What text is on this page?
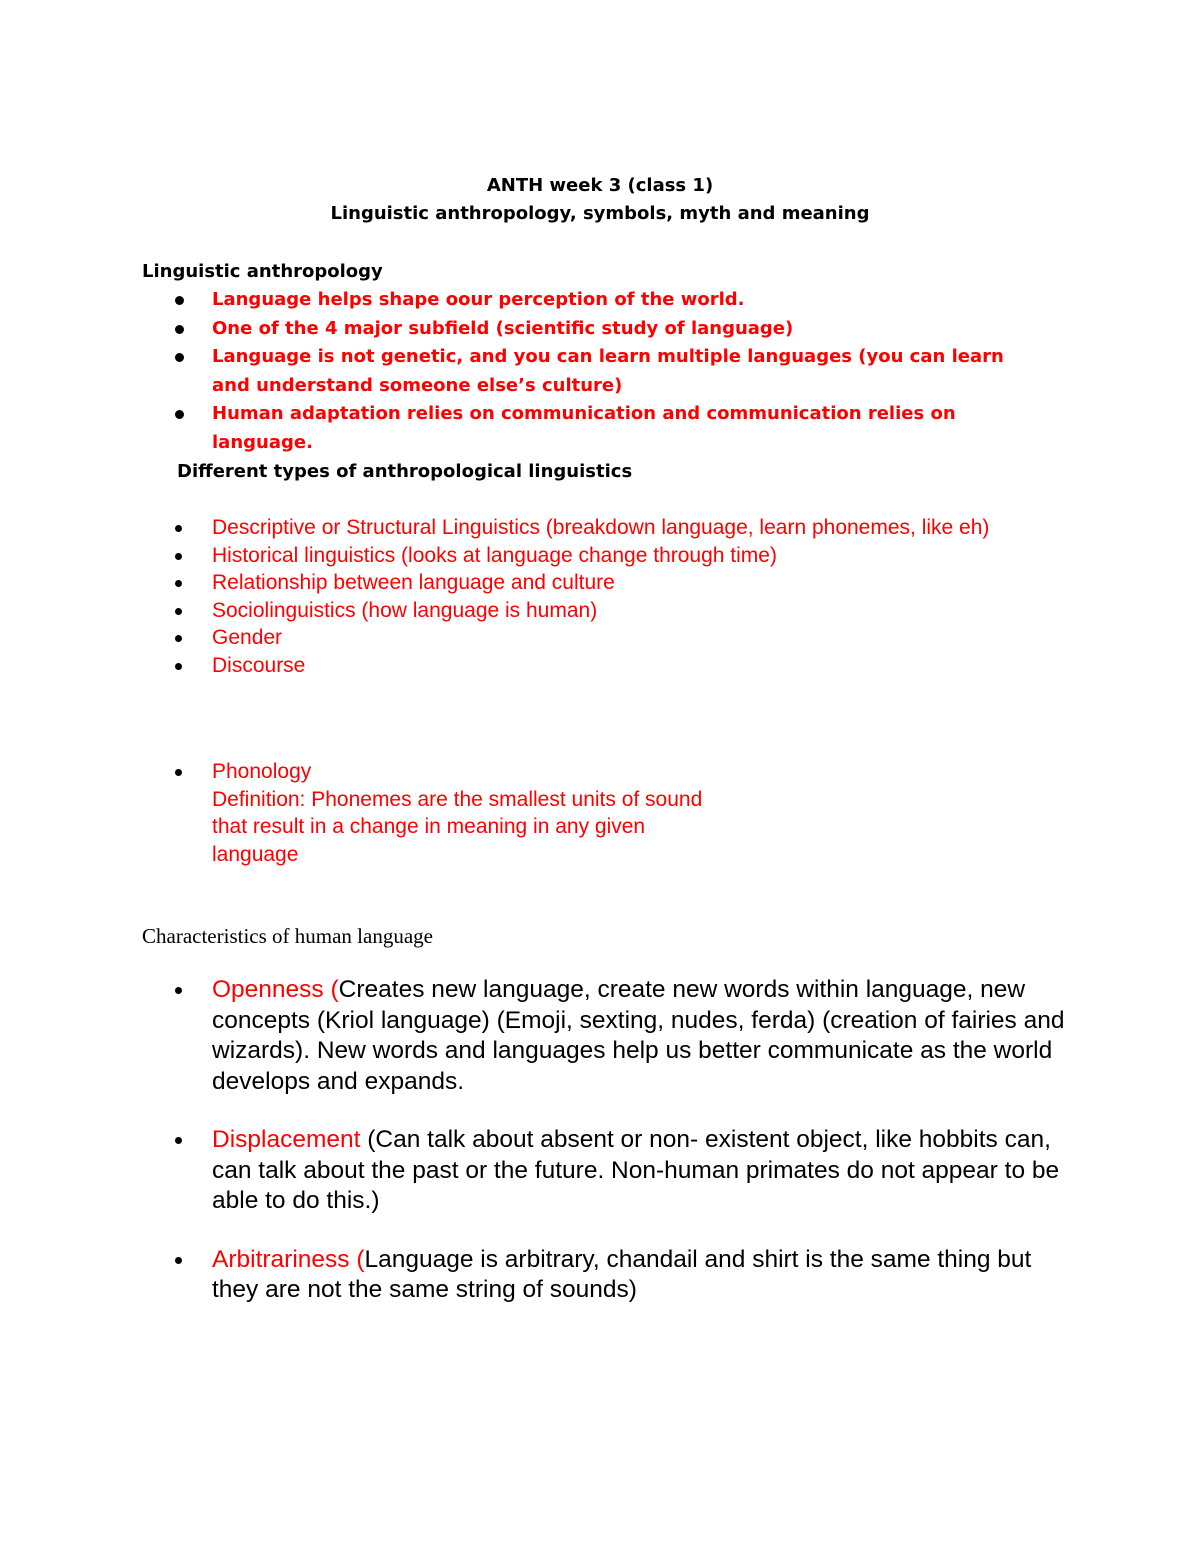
ANTH week 3 (class 1)
Linguistic anthropology, symbols, myth and meaning
Linguistic anthropology
Language helps shape oour perception of the world.
One of the 4 major subfield (scientific study of language)
Language is not genetic, and you can learn multiple languages (you can learn and understand someone else’s culture)
Human adaptation relies on communication and communication relies on language.
Different types of anthropological linguistics
Descriptive or Structural Linguistics (breakdown language, learn phonemes, like eh)
Historical linguistics (looks at language change through time)
Relationship between language and culture
Sociolinguistics (how language is human)
Gender
Discourse
Phonology
Definition: Phonemes are the smallest units of sound
that result in a change in meaning in any given
language
Characteristics of human language
Openness (Creates new language, create new words within language, new concepts (Kriol language) (Emoji, sexting, nudes, ferda) (creation of fairies and wizards). New words and languages help us better communicate as the world develops and expands.
Displacement (Can talk about absent or non- existent object, like hobbits can, can talk about the past or the future. Non-human primates do not appear to be able to do this.)
Arbitrariness (Language is arbitrary, chandail and shirt is the same thing but they are not the same string of sounds)
